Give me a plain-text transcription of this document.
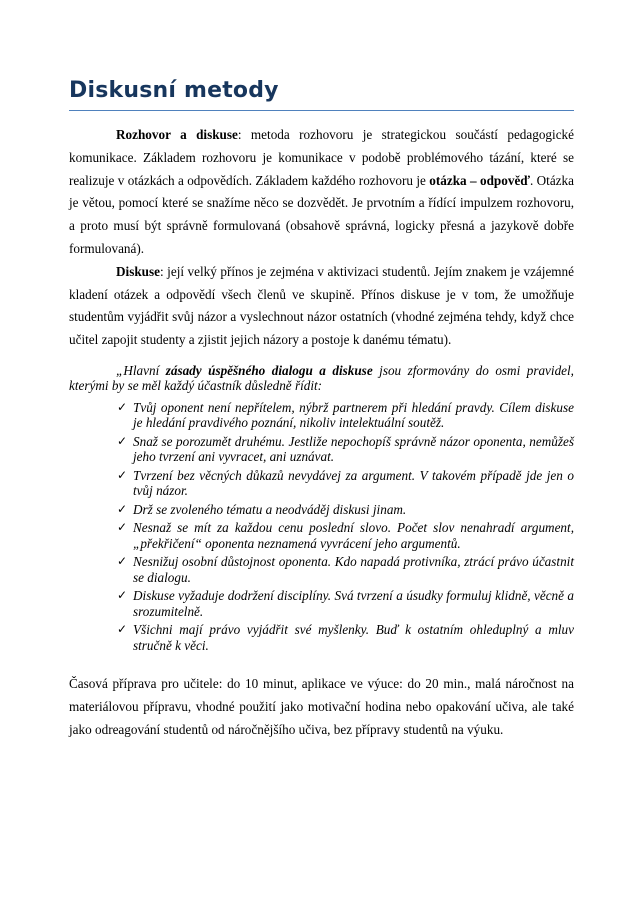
Diskusní metody

Rozhovor a diskuse: metoda rozhovoru je strategickou součástí pedagogické komunikace. Základem rozhovoru je komunikace v podobě problémového tázání, které se realizuje v otázkách a odpovědích. Základem každého rozhovoru je otázka – odpověď. Otázka je větou, pomocí které se snažíme něco se dozvědět. Je prvotním a řídící impulzem rozhovoru, a proto musí být správně formulovaná (obsahově správná, logicky přesná a jazykově dobře formulovaná).

Diskuse: její velký přínos je zejména v aktivizaci studentů. Jejím znakem je vzájemné kladení otázek a odpovědí všech členů ve skupině. Přínos diskuse je v tom, že umožňuje studentům vyjádřit svůj názor a vyslechnout názor ostatních (vhodné zejména tehdy, když chce učitel zapojit studenty a zjistit jejich názory a postoje k danému tématu).

„Hlavní zásady úspěšného dialogu a diskuse jsou zformovány do osmi pravidel, kterými by se měl každý účastník důsledně řídit:

✓ Tvůj oponent není nepřítelem, nýbrž partnerem při hledání pravdy. Cílem diskuse je hledání pravdivého poznání, nikoliv intelektuální soutěž.
✓ Snaž se porozumět druhému. Jestliže nepochopíš správně názor oponenta, nemůžeš jeho tvrzení ani vyvracet, ani uznávat.
✓ Tvrzení bez věcných důkazů nevydávej za argument. V takovém případě jde jen o tvůj názor.
✓ Drž se zvoleného tématu a neodváděj diskusi jinam.
✓ Nesnaž se mít za každou cenu poslední slovo. Počet slov nenahradí argument, „překřičení“ oponenta neznamená vyvrácení jeho argumentů.
✓ Nesnižuj osobní důstojnost oponenta. Kdo napadá protivníka, ztrácí právo účastnit se dialogu.
✓ Diskuse vyžaduje dodržení disciplíny. Svá tvrzení a úsudky formuluj klidně, věcně a srozumitelně.
✓ Všichni mají právo vyjádřit své myšlenky. Buď k ostatním ohleduplný a mluv stručně k věci.

Časová příprava pro učitele: do 10 minut, aplikace ve výuce: do 20 min., malá náročnost na materiálovou přípravu, vhodné použití jako motivační hodina nebo opakování učiva, ale také jako odreagování studentů od náročnějšího učiva, bez přípravy studentů na výuku.
